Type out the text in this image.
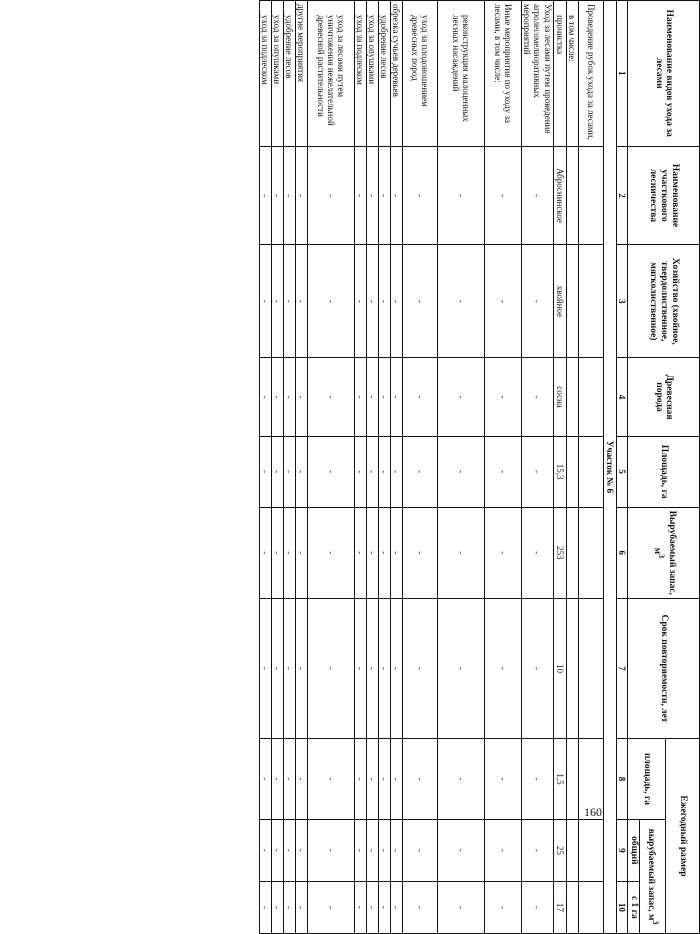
160
Наименование видов ухода за лесами	Наименование участкового лесничества	Хозяйство (хвойное, твердолиственное, мягколиственное)	Древесная порода	Площадь, га	Вырубаемый запас, $м^3$	Срок повторяемости, лет	Ежегодный размер		
							площадь, га	вырубаемый запас, $м^3$
								общий	с 1 га
1	2	3	4	5	6	7	8	9	10
Участок № 6									
Проведение рубок ухода за лесами,									
в том числе:									
прочистка	Аброснинское	хвойное	сосна	15,3	253	10	1,5	25	17
Уход за лесами путем проведения агролесомелиоративных мероприятий	-	-	-	-	-	-	-	-	-
Иные мероприятия по уходу за лесами, в том числе:	-	-	-	-	-	-	-	-	-
реконструкция малоценных лесных насаждений	-	-	-	-	-	-	-	-	-
уход за плодоношением древесных пород	-	-	-	-	-	-	-	-	-
обрезка сучьев деревьев	-	-	-	-	-	-	-	-	-
удобрение лесов	-	-	-	-	-	-	-	-	-
уход за опушками	-	-	-	-	-	-	-	-	-
уход за подлеском	-	-	-	-	-	-	-	-	-
уход за лесами путем уничтожения нежелательной древесной растительности	-	-	-	-	-	-	-	-	-
другие мероприятия	-	-	-	-	-	-	-	-	-
удобрение лесов	-	-	-	-	-	-	-	-	-
уход за опушками	-	-	-	-	-	-	-	-	-
уход за подлеском	-	-	-	-	-	-	-	-	-
